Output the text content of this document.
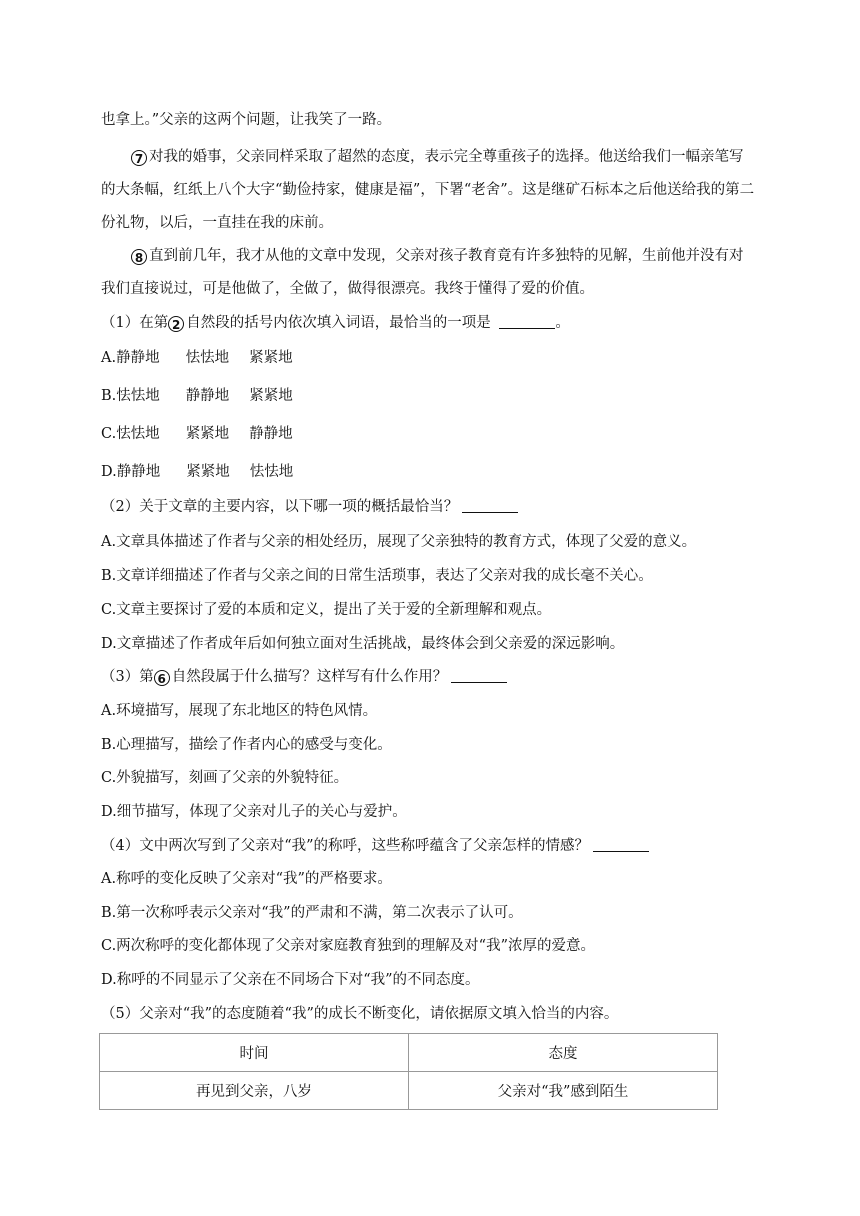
也拿上。”父亲的这两个问题，让我笑了一路。
7 对我的婚事，父亲同样采取了超然的态度，表示完全尊重孩子的选择。他送给我们一幅亲笔写
的大条幅，红纸上八个大字“勤俭持家，健康是福”，下署“老舍”。这是继矿石标本之后他送给我的第二
份礼物，以后，一直挂在我的床前。
8 直到前几年，我才从他的文章中发现，父亲对孩子教育竟有许多独特的见解，生前他并没有对
我们直接说过，可是他做了，全做了，做得很漂亮。我终于懂得了爱的价值。
（1）在第 2 自然段的括号内依次填入词语，最恰当的一项是	。
A.静静地 怯怯地 紧紧地
B.怯怯地 静静地 紧紧地
C.怯怯地 紧紧地 静静地
D.静静地 紧紧地 怯怯地
（2）关于文章的主要内容，以下哪一项的概括最恰当？
A.文章具体描述了作者与父亲的相处经历，展现了父亲独特的教育方式，体现了父爱的意义。
B.文章详细描述了作者与父亲之间的日常生活琐事，表达了父亲对我的成长毫不关心。
C.文章主要探讨了爱的本质和定义，提出了关于爱的全新理解和观点。
D.文章描述了作者成年后如何独立面对生活挑战，最终体会到父亲爱的深远影响。
（3）第 6 自然段属于什么描写？这样写有什么作用？
A.环境描写，展现了东北地区的特色风情。
B.心理描写，描绘了作者内心的感受与变化。
C.外貌描写，刻画了父亲的外貌特征。
D.细节描写，体现了父亲对儿子的关心与爱护。
（4）文中两次写到了父亲对“我”的称呼，这些称呼蕴含了父亲怎样的情感？
A.称呼的变化反映了父亲对“我”的严格要求。
B.第一次称呼表示父亲对“我”的严肃和不满，第二次表示了认可。
C.两次称呼的变化都体现了父亲对家庭教育独到的理解及对“我”浓厚的爱意。
D.称呼的不同显示了父亲在不同场合下对“我”的不同态度。
（5）父亲对“我”的态度随着“我”的成长不断变化，请依据原文填入恰当的内容。
时间	态度
再见到父亲，八岁	父亲对“我”感到陌生
